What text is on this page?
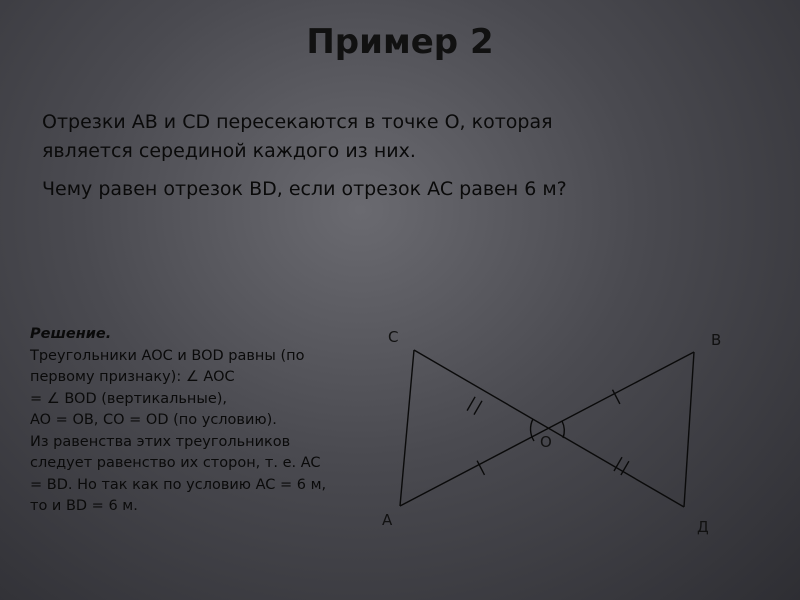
Пример 2

Отрезки AB и CD пересекаются в точке О, которая
является серединой каждого из них.

Чему равен отрезок BD, если отрезок AC равен 6 м?

Решение.
Треугольники AOC и BOD равны (по
первому признаку): ∠ AOC
= ∠ BOD (вертикальные),
AO = OB, CO = OD (по условию).
Из равенства этих треугольников
следует равенство их сторон, т. е. AC
= BD. Но так как по условию AC = 6 м,
то и BD = 6 м.
С	В
О
А	Д
